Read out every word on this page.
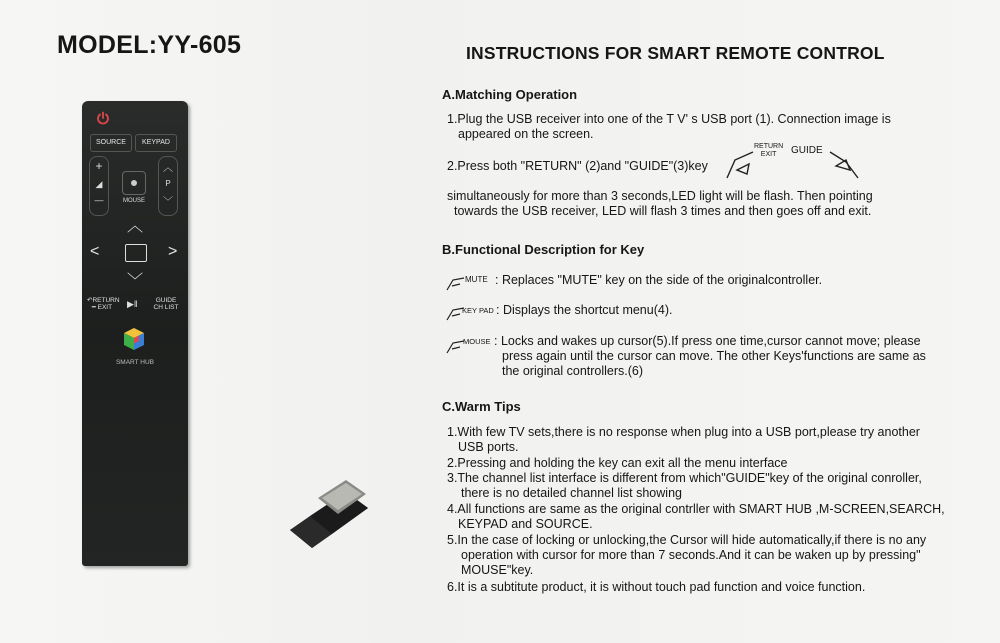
MODEL:YY-605
SOURCE	KEYPAD
+
◢
—
︿
P
﹀
MOUSE
︿
<	>
﹀
↶RETURN
━ EXIT	▶‖	GUIDE
CH LIST
SMART HUB
INSTRUCTIONS FOR SMART REMOTE CONTROL
A.Matching Operation
1.Plug the USB receiver into one of the T V' s USB port (1). Connection image is
appeared on the screen.
2.Press both "RETURN" (2)and "GUIDE"(3)key
RETURN
EXIT	GUIDE
simultaneously for more than 3 seconds,LED light will be flash. Then pointing
towards the USB receiver, LED will flash 3 times and then goes off and exit.
B.Functional Description for Key
MUTE : Replaces "MUTE" key on the side of the originalcontroller.
KEY PAD : Displays the shortcut menu(4).
MOUSE : Locks and wakes up cursor(5).If press one time,cursor cannot move; please
press again until the cursor can move. The other Keys'functions are same as
the original controllers.(6)
C.Warm Tips
1.With few TV sets,there is no response when plug into a USB port,please try another
USB ports.
2.Pressing and holding the key can exit all the menu interface
3.The channel list interface is different from which"GUIDE"key of the original conroller,
there is no detailed channel list showing
4.All functions are same as the original contrller with SMART HUB ,M-SCREEN,SEARCH,
KEYPAD and SOURCE.
5.In the case of locking or unlocking,the Cursor will hide automatically,if there is no any
operation with cursor for more than 7 seconds.And it can be waken up by pressing"
MOUSE"key.
6.It is a subtitute product, it is without touch pad function and voice function.
